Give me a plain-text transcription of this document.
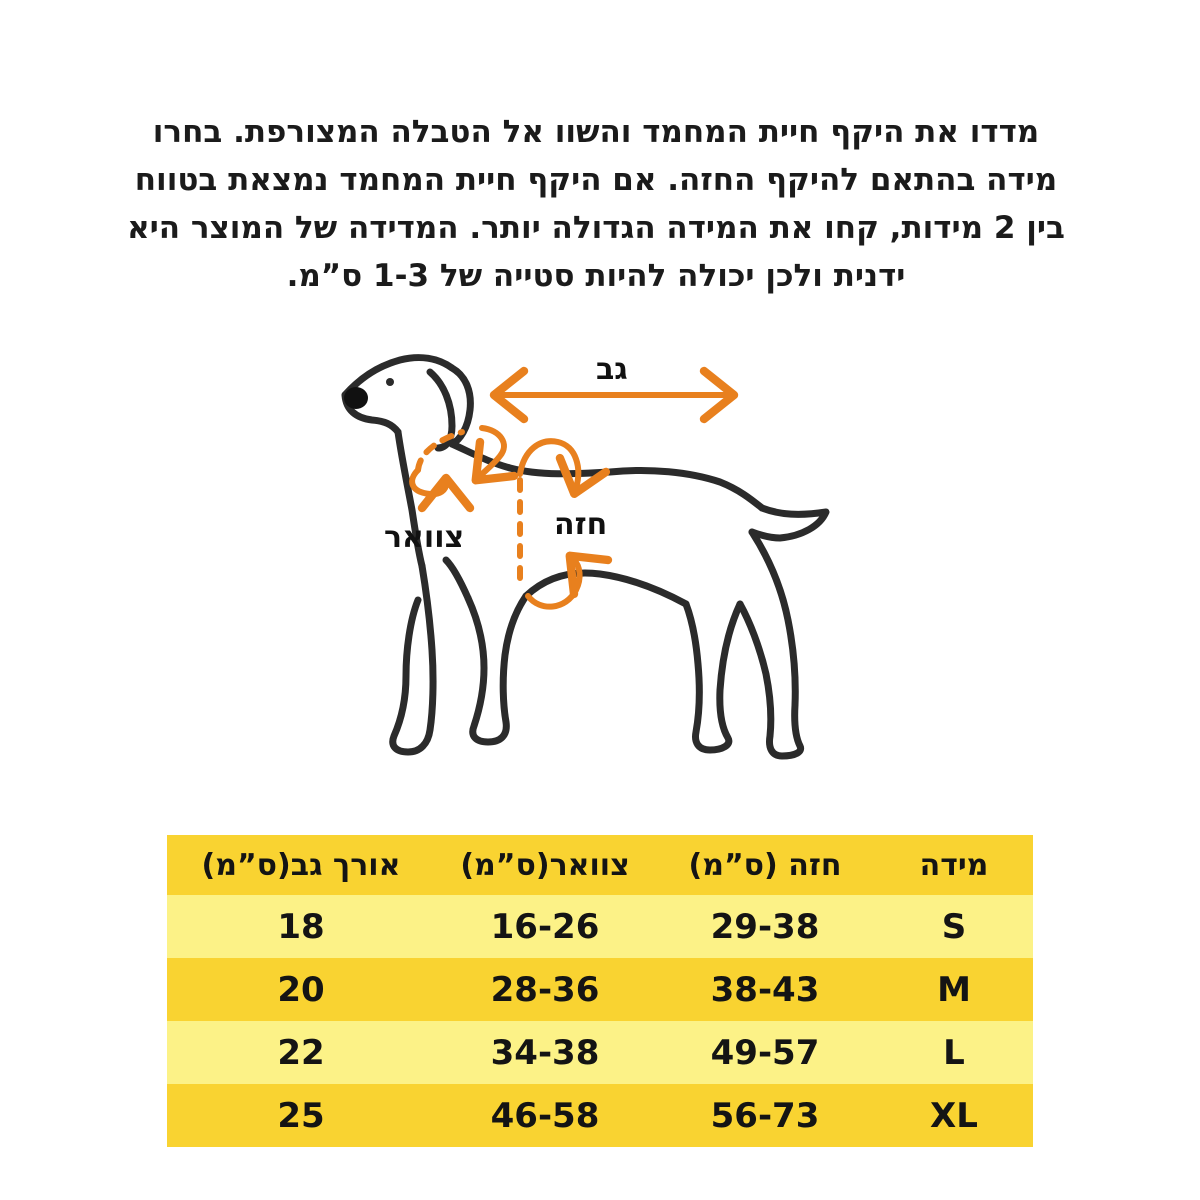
מדדו את היקף חיית המחמד והשוו אל הטבלה המצורפת. בחרו

מידה בהתאם להיקף החזה. אם היקף חיית המחמד נמצאת בטווח

בין 2 מידות, קחו את המידה הגדולה יותר. המדידה של המוצר היא

ידנית ולכן יכולה להיות סטייה של 1-3 ס”מ.

גב
חזה
צוואר
מידה	חזה (ס”מ)	צוואר(ס”מ)	אורך גב(ס”מ)
S	29-38	16-26	18
M	38-43	28-36	20
L	49-57	34-38	22
XL	56-73	46-58	25
